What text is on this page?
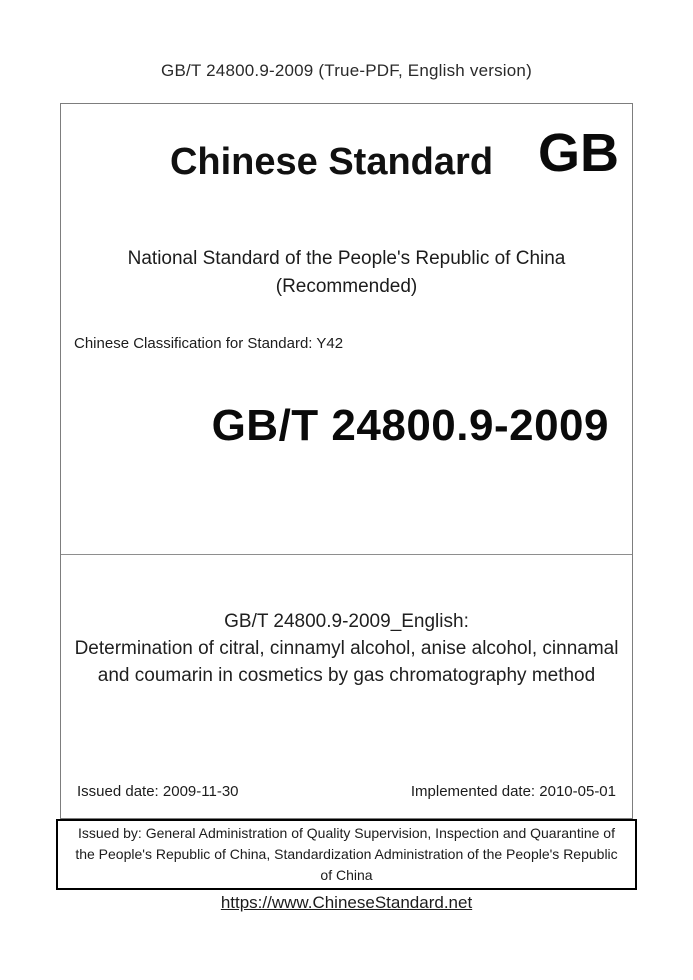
GB/T 24800.9-2009 (True-PDF, English version)
Chinese Standard GB
National Standard of the People's Republic of China
(Recommended)
Chinese Classification for Standard: Y42
GB/T 24800.9-2009
GB/T 24800.9-2009_English:
Determination of citral, cinnamyl alcohol, anise alcohol, cinnamal and coumarin in cosmetics by gas chromatography method
Issued date: 2009-11-30	Implemented date: 2010-05-01
Issued by: General Administration of Quality Supervision, Inspection and Quarantine of the People's Republic of China, Standardization Administration of the People's Republic of China
https://www.ChineseStandard.net
